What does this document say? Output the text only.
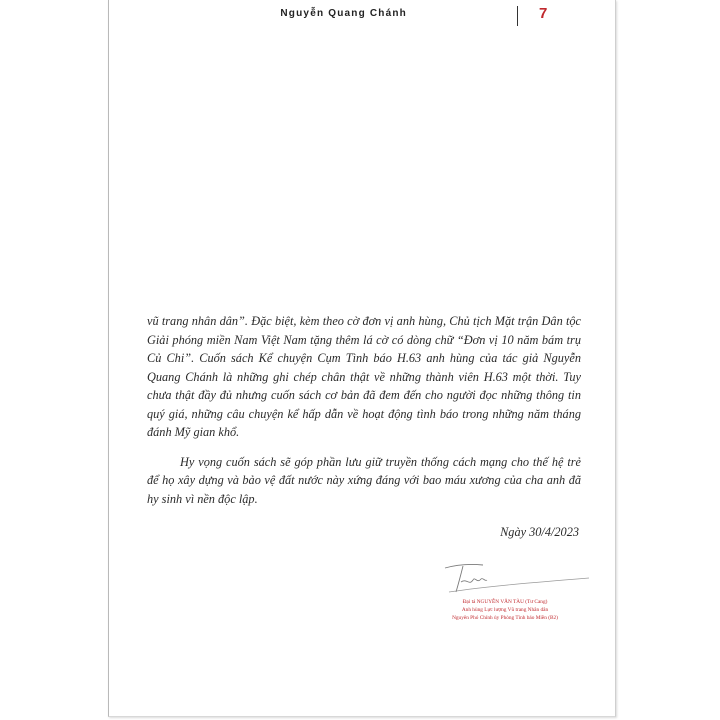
Nguyễn Quang Chánh	7

vũ trang nhân dân”. Đặc biệt, kèm theo cờ đơn vị anh hùng, Chủ tịch Mặt trận Dân tộc Giải phóng miền Nam Việt Nam tặng thêm lá cờ có dòng chữ “Đơn vị 10 năm bám trụ Củ Chi”. Cuốn sách Kể chuyện Cụm Tình báo H.63 anh hùng của tác giả Nguyễn Quang Chánh là những ghi chép chân thật về những thành viên H.63 một thời. Tuy chưa thật đầy đủ nhưng cuốn sách cơ bản đã đem đến cho người đọc những thông tin quý giá, những câu chuyện kể hấp dẫn về hoạt động tình báo trong những năm tháng đánh Mỹ gian khổ.

Hy vọng cuốn sách sẽ góp phần lưu giữ truyền thống cách mạng cho thế hệ trẻ để họ xây dựng và bảo vệ đất nước này xứng đáng với bao máu xương của cha anh đã hy sinh vì nền độc lập.

Ngày 30/4/2023
Đại tá NGUYỄN VĂN TÀU (Tư Cang)
Anh hùng Lực lượng Vũ trang Nhân dân
Nguyên Phó Chính ủy Phòng Tình báo Miền (B2)
